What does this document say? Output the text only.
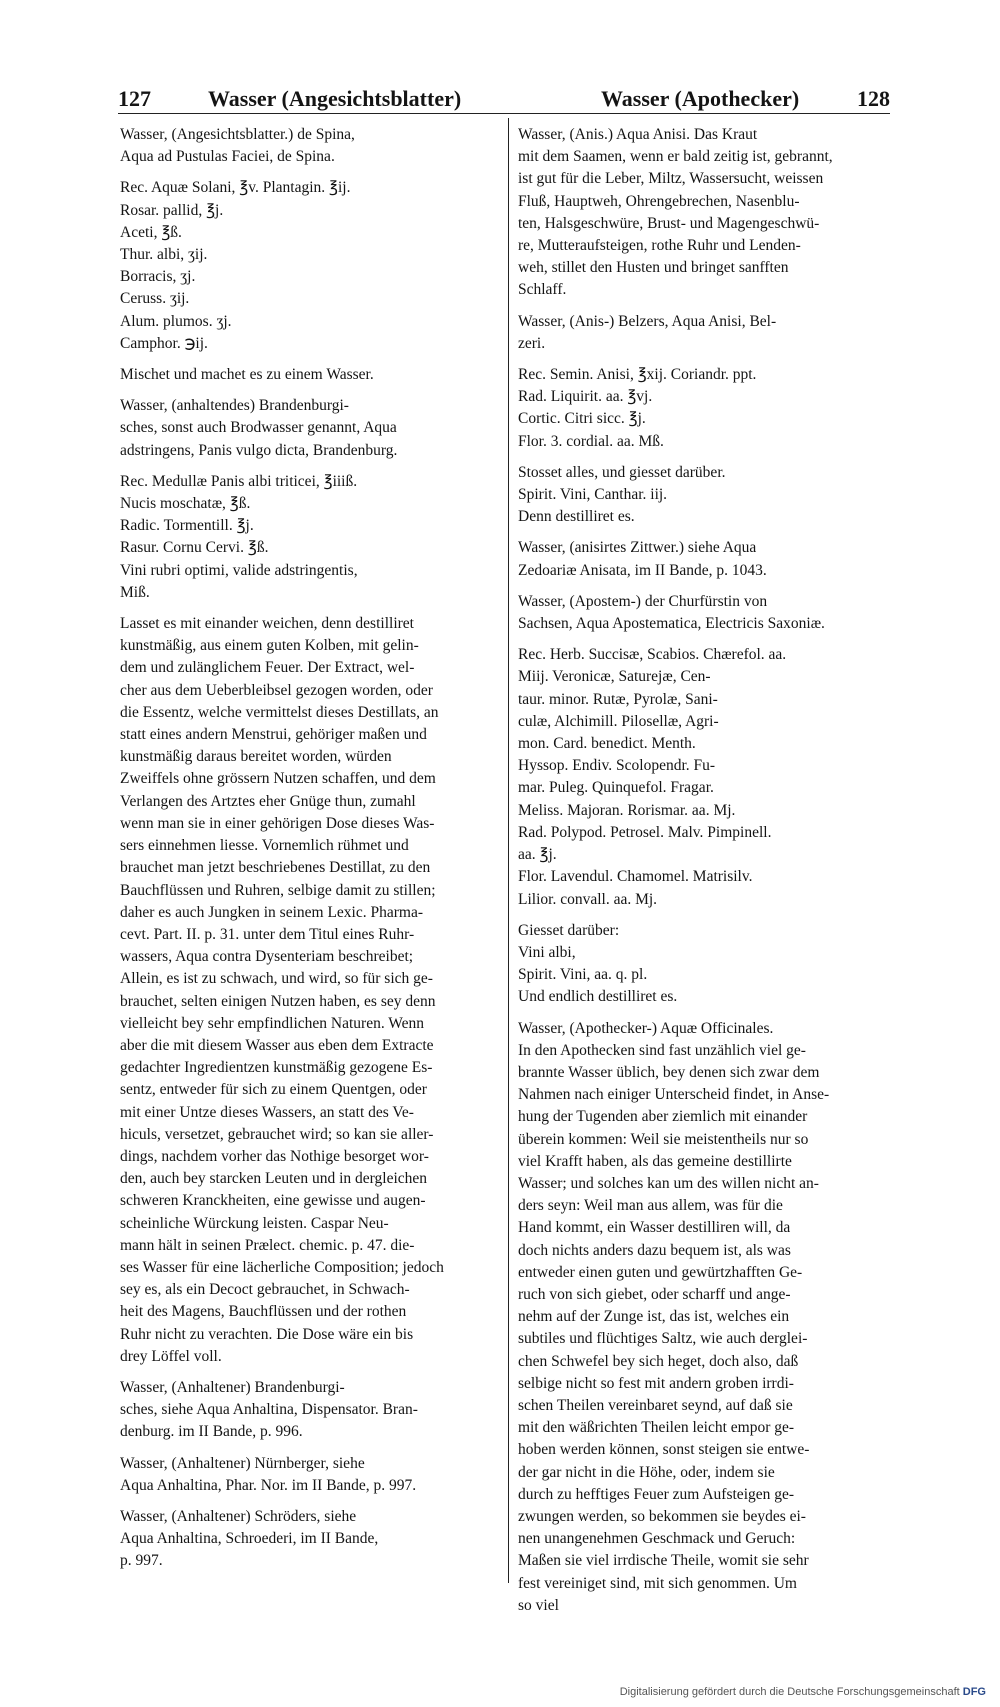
127	Wasser (Angesichtsblatter)	Wasser (Apothecker)	128

Wasser, (Angesichtsblatter.) de Spina,

Aqua ad Pustulas Faciei, de Spina.

Rec. Aquæ Solani, ℥v. Plantagin. ℥ij.

Rosar. pallid, ℥j.

Aceti, ℥ß.

Thur. albi, ʒij.

Borracis, ʒj.

Ceruss. ʒij.

Alum. plumos. ʒj.

Camphor. ℈ij.

Mischet und machet es zu einem Wasser.

Wasser, (anhaltendes) Brandenburgi-

sches, sonst auch Brodwasser genannt, Aqua

adstringens, Panis vulgo dicta, Brandenburg.

Rec. Medullæ Panis albi triticei, ℥iiiß.

Nucis moschatæ, ℥ß.

Radic. Tormentill. ℥j.

Rasur. Cornu Cervi. ℥ß.

Vini rubri optimi, valide adstringentis,

Miß.

Lasset es mit einander weichen, denn destilliret

kunstmäßig, aus einem guten Kolben, mit gelin-

dem und zulänglichem Feuer. Der Extract, wel-

cher aus dem Ueberbleibsel gezogen worden, oder

die Essentz, welche vermittelst dieses Destillats, an

statt eines andern Menstrui, gehöriger maßen und

kunstmäßig daraus bereitet worden, würden

Zweiffels ohne grössern Nutzen schaffen, und dem

Verlangen des Artztes eher Gnüge thun, zumahl

wenn man sie in einer gehörigen Dose dieses Was-

sers einnehmen liesse. Vornemlich rühmet und

brauchet man jetzt beschriebenes Destillat, zu den

Bauchflüssen und Ruhren, selbige damit zu stillen;

daher es auch Jungken in seinem Lexic. Pharma-

cevt. Part. II. p. 31. unter dem Titul eines Ruhr-

wassers, Aqua contra Dysenteriam beschreibet;

Allein, es ist zu schwach, und wird, so für sich ge-

brauchet, selten einigen Nutzen haben, es sey denn

vielleicht bey sehr empfindlichen Naturen. Wenn

aber die mit diesem Wasser aus eben dem Extracte

gedachter Ingredientzen kunstmäßig gezogene Es-

sentz, entweder für sich zu einem Quentgen, oder

mit einer Untze dieses Wassers, an statt des Ve-

hiculs, versetzet, gebrauchet wird; so kan sie aller-

dings, nachdem vorher das Nothige besorget wor-

den, auch bey starcken Leuten und in dergleichen

schweren Kranckheiten, eine gewisse und augen-

scheinliche Würckung leisten. Caspar Neu-

mann hält in seinen Prælect. chemic. p. 47. die-

ses Wasser für eine lächerliche Composition; jedoch

sey es, als ein Decoct gebrauchet, in Schwach-

heit des Magens, Bauchflüssen und der rothen

Ruhr nicht zu verachten. Die Dose wäre ein bis

drey Löffel voll.

Wasser, (Anhaltener) Brandenburgi-

sches, siehe Aqua Anhaltina, Dispensator. Bran-

denburg. im II Bande, p. 996.

Wasser, (Anhaltener) Nürnberger, siehe

Aqua Anhaltina, Phar. Nor. im II Bande, p. 997.

Wasser, (Anhaltener) Schröders, siehe

Aqua Anhaltina, Schroederi, im II Bande,

p. 997.

Wasser, (Anis.) Aqua Anisi. Das Kraut

mit dem Saamen, wenn er bald zeitig ist, gebrannt,

ist gut für die Leber, Miltz, Wassersucht, weissen

Fluß, Hauptweh, Ohrengebrechen, Nasenblu-

ten, Halsgeschwüre, Brust- und Magengeschwü-

re, Mutteraufsteigen, rothe Ruhr und Lenden-

weh, stillet den Husten und bringet sanfften

Schlaff.

Wasser, (Anis-) Belzers, Aqua Anisi, Bel-

zeri.

Rec. Semin. Anisi, ℥xij. Coriandr. ppt.

Rad. Liquirit. aa. ℥vj.

Cortic. Citri sicc. ℥j.

Flor. 3. cordial. aa. Mß.

Stosset alles, und giesset darüber.

Spirit. Vini, Canthar. iij.

Denn destilliret es.

Wasser, (anisirtes Zittwer.) siehe Aqua

Zedoariæ Anisata, im II Bande, p. 1043.

Wasser, (Apostem-) der Churfürstin von

Sachsen, Aqua Apostematica, Electricis Saxoniæ.

Rec. Herb. Succisæ, Scabios. Chærefol. aa.

Miij. Veronicæ, Saturejæ, Cen-

taur. minor. Rutæ, Pyrolæ, Sani-

culæ, Alchimill. Pilosellæ, Agri-

mon. Card. benedict. Menth.

Hyssop. Endiv. Scolopendr. Fu-

mar. Puleg. Quinquefol. Fragar.

Meliss. Majoran. Rorismar. aa. Mj.

Rad. Polypod. Petrosel. Malv. Pimpinell.

aa. ℥j.

Flor. Lavendul. Chamomel. Matrisilv.

Lilior. convall. aa. Mj.

Giesset darüber:

Vini albi,

Spirit. Vini, aa. q. pl.

Und endlich destilliret es.

Wasser, (Apothecker-) Aquæ Officinales.

In den Apothecken sind fast unzählich viel ge-

brannte Wasser üblich, bey denen sich zwar dem

Nahmen nach einiger Unterscheid findet, in Anse-

hung der Tugenden aber ziemlich mit einander

überein kommen: Weil sie meistentheils nur so

viel Krafft haben, als das gemeine destillirte

Wasser; und solches kan um des willen nicht an-

ders seyn: Weil man aus allem, was für die

Hand kommt, ein Wasser destilliren will, da

doch nichts anders dazu bequem ist, als was

entweder einen guten und gewürtzhafften Ge-

ruch von sich giebet, oder scharff und ange-

nehm auf der Zunge ist, das ist, welches ein

subtiles und flüchtiges Saltz, wie auch derglei-

chen Schwefel bey sich heget, doch also, daß

selbige nicht so fest mit andern groben irrdi-

schen Theilen vereinbaret seynd, auf daß sie

mit den wäßrichten Theilen leicht empor ge-

hoben werden können, sonst steigen sie entwe-

der gar nicht in die Höhe, oder, indem sie

durch zu hefftiges Feuer zum Aufsteigen ge-

zwungen werden, so bekommen sie beydes ei-

nen unangenehmen Geschmack und Geruch:

Maßen sie viel irrdische Theile, womit sie sehr

fest vereiniget sind, mit sich genommen. Um

so viel

Digitalisierung gefördert durch die Deutsche Forschungsgemeinschaft DFG
